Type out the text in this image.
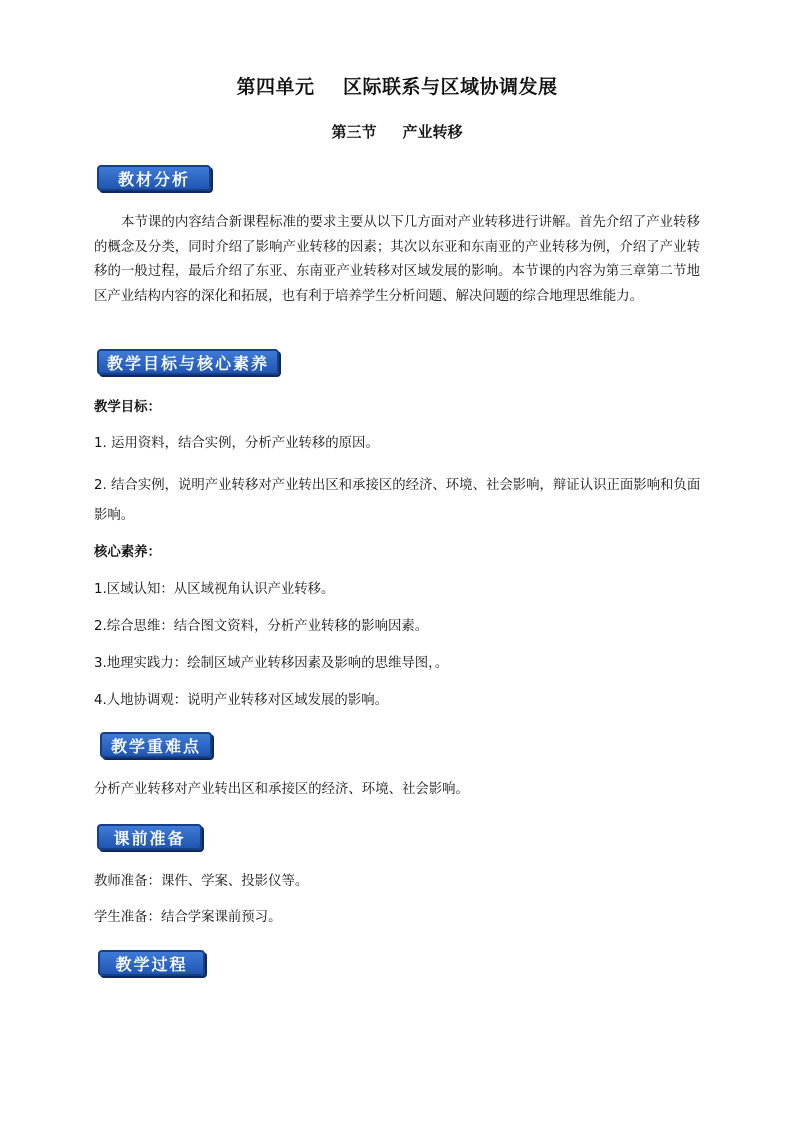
第四单元    区际联系与区域协调发展
第三节     产业转移
教材分析
本节课的内容结合新课程标准的要求主要从以下几方面对产业转移进行讲解。首先介绍了产业转移的概念及分类，同时介绍了影响产业转移的因素；其次以东亚和东南亚的产业转移为例，介绍了产业转移的一般过程，最后介绍了东亚、东南亚产业转移对区域发展的影响。本节课的内容为第三章第二节地区产业结构内容的深化和拓展，也有利于培养学生分析问题、解决问题的综合地理思维能力。
教学目标与核心素养
教学目标：
1. 运用资料，结合实例，分析产业转移的原因。
2. 结合实例，说明产业转移对产业转出区和承接区的经济、环境、社会影响，辩证认识正面影响和负面影响。
核心素养：
1.区域认知：从区域视角认识产业转移。
2.综合思维：结合图文资料，分析产业转移的影响因素。
3.地理实践力：绘制区域产业转移因素及影响的思维导图，。
4.人地协调观：说明产业转移对区域发展的影响。
教学重难点
分析产业转移对产业转出区和承接区的经济、环境、社会影响。
课前准备
教师准备：课件、学案、投影仪等。
学生准备：结合学案课前预习。
教学过程
